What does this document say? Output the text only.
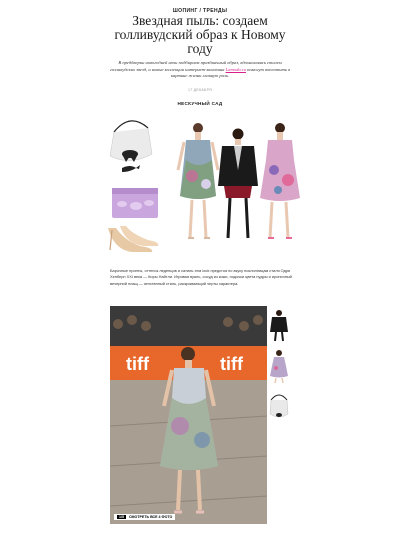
ШОПИНГ / ТРЕНДЫ
Звездная пыль: создаем голливудский образ к Новому году
В преддверии новогодней ночи подбираем праздничный образ, вдохновляясь стилем голливудских звезд, а новые коллекции интернет-магазина Lamoda.ru помогут воплотить в картине жизни главную роль.
17 ДЕКАБРЯ
НЕСКУЧНЫЙ САД
Барочные принты, оттенок леденцов и сатиль-тем look предстоя по вкусу поклонницам стиля Одри Хепберн XXI века — Киры Найтли. Игривая вуаль, сосуд из кожи, подочки цвета пудры и ироничный вечерний плащ — зенствнный стиль, раскрывающий черты характера.
tiff	tiff
1/5	СМОТРЕТЬ ВСЕ 4 ФОТО
